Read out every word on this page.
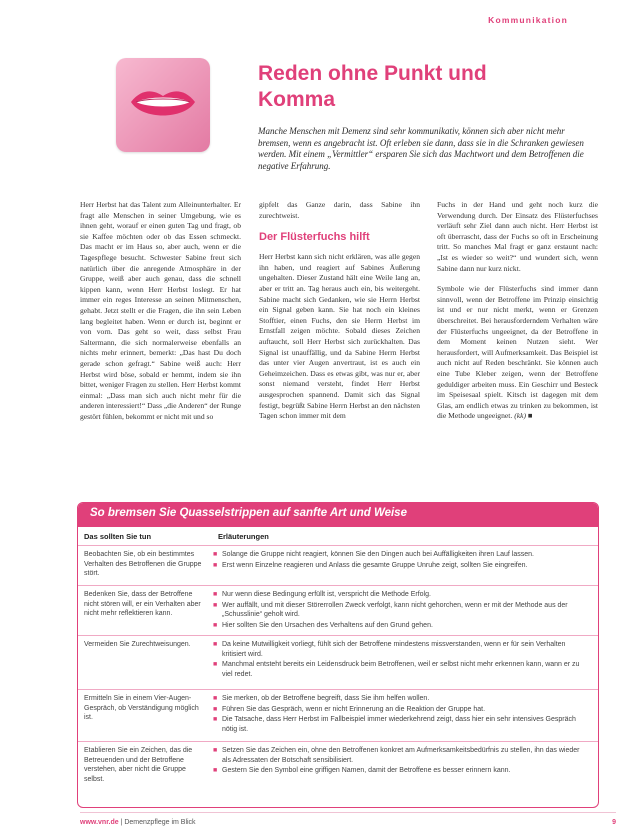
Kommunikation
Reden ohne Punkt und
Komma
Manche Menschen mit Demenz sind sehr kommunikativ, können sich aber nicht mehr bremsen, wenn es angebracht ist. Oft erleben sie dann, dass sie in die Schranken gewiesen werden. Mit einem „Vermittler“ ersparen Sie sich das Machtwort und dem Betroffenen die negative Erfahrung.

Herr Herbst hat das Talent zum Alleinunterhalter. Er fragt alle Menschen in seiner Umgebung, wie es ihnen geht, worauf er einen guten Tag und fragt, ob sie Kaffee möchten oder ob das Essen schmeckt. Das macht er im Haus so, aber auch, wenn er die Tagespflege besucht. Schwester Sabine freut sich natürlich über die anregende Atmosphäre in der Gruppe, weiß aber auch genau, dass die schnell kippen kann, wenn Herr Herbst loslegt. Er hat immer ein reges Interesse an seinen Mitmenschen, gehabt. Jetzt stellt er die Fragen, die ihn sein Leben lang begleitet haben. Wenn er durch ist, beginnt er von vorn. Das geht so weit, dass selbst Frau Saltermann, die sich normalerweise ebenfalls an nichts mehr erinnert, bemerkt: „Das hast Du doch gerade schon gefragt.“ Sabine weiß auch: Herr Herbst wird böse, sobald er hemmt, indem sie ihn bittet, weniger Fragen zu stellen. Herr Herbst kommt einmal: „Dass man sich auch nicht mehr für die anderen interessiert!“ Dass „die Anderen“ der Runge gestört fühlen, bekommt er nicht mit und so

gipfelt das Ganze darin, dass Sabine ihn zurechtweist.

Der Flüsterfuchs hilft

Herr Herbst kann sich nicht erklären, was alle gegen ihn haben, und reagiert auf Sabines Äußerung ungehalten. Dieser Zustand hält eine Weile lang an, aber er tritt an. Tag heraus auch ein, bis weitergeht. Sabine macht sich Gedanken, wie sie Herrn Herbst ein Signal geben kann. Sie hat noch ein kleines Stofftier, einen Fuchs, den sie Herrn Herbst im Ernstfall zeigen möchte. Sobald dieses Zeichen auftaucht, soll Herr Herbst sich zurückhalten. Das Signal ist unauffällig, und da Sabine Herrn Herbst das unter vier Augen anvertraut, ist es auch ein Geheimzeichen. Dass es etwas gibt, was nur er, aber sonst niemand versteht, findet Herr Herbst ausgesprochen spannend. Damit sich das Signal festigt, begrüßt Sabine Herrn Herbst an den nächsten Tagen schon immer mit dem

Fuchs in der Hand und geht noch kurz die Verwendung durch. Der Einsatz des Flüsterfuchses verläuft sehr Ziel dann auch nicht. Herr Herbst ist oft überrascht, dass der Fuchs so oft in Erscheinung tritt. So manches Mal fragt er ganz erstaunt nach: „Ist es wieder so weit?“ und wundert sich, wenn Sabine dann nur kurz nickt.

Symbole wie der Flüsterfuchs sind immer dann sinnvoll, wenn der Betroffene im Prinzip einsichtig ist und er nur nicht merkt, wenn er Grenzen überschreitet. Bei herausforderndem Verhalten wäre der Flüsterfuchs ungeeignet, da der Betroffene in dem Moment keinen Nutzen sieht. Wer herausfordert, will Aufmerksamkeit. Das Beispiel ist auch nicht auf Reden beschränkt. Sie können auch eine Tube Kleber zeigen, wenn der Betroffene geduldiger arbeiten muss. Ein Geschirr und Besteck im Speisesaal spielt. Kitsch ist dagegen mit dem Glas, am endlich etwas zu trinken zu bekommen, ist die Methode ungeeignet. (kk) ■

So bremsen Sie Quasselstrippen auf sanfte Art und Weise
Das sollten Sie tun	Erläuterungen
Beobachten Sie, ob ein bestimmtes Verhalten des Betroffenen die Gruppe stört.
■ Solange die Gruppe nicht reagiert, können Sie den Dingen auch bei Auffälligkeiten ihren Lauf lassen.
■ Erst wenn Einzelne reagieren und Anlass die gesamte Gruppe Unruhe zeigt, sollten Sie eingreifen.
Bedenken Sie, dass der Betroffene nicht stören will, er ein Verhalten aber nicht mehr reflektieren kann.
■ Nur wenn diese Bedingung erfüllt ist, verspricht die Methode Erfolg.
■ Wer auffällt, und mit dieser Störerrollen Zweck verfolgt, kann nicht gehorchen, wenn er mit der Methode aus der „Schusslinie“ geholt wird.
■ Hier sollten Sie den Ursachen des Verhaltens auf den Grund gehen.
Vermeiden Sie Zurechtweisungen.	■ Da keine Mutwilligkeit vorliegt, fühlt sich der Betroffene mindestens missverstanden, wenn er für sein Verhalten kritisiert wird.
■ Manchmal entsteht bereits ein Leidensdruck beim Betroffenen, weil er selbst nicht mehr erkennen kann, wann er zu viel redet.
Ermitteln Sie in einem Vier-Augen-Gespräch, ob Verständigung möglich ist.
■ Sie merken, ob der Betroffene begreift, dass Sie ihm helfen wollen.
■ Führen Sie das Gespräch, wenn er nicht Erinnerung an die Reaktion der Gruppe hat.
■ Die Tatsache, dass Herr Herbst im Fallbeispiel immer wiederkehrend zeigt, dass hier ein sehr intensives Gespräch nötig ist.
Etablieren Sie ein Zeichen, das die Betreuenden und der Betroffene verstehen, aber nicht die Gruppe selbst.
■ Setzen Sie das Zeichen ein, ohne den Betroffenen konkret am Aufmerksamkeitsbedürfnis zu stellen, ihn das wieder als Adressaten der Botschaft sensibilisiert.
■ Gestern Sie den Symbol eine griffigen Namen, damit der Betroffene es besser erinnern kann.
www.vnr.de | Demenzpflege im Blick	9
